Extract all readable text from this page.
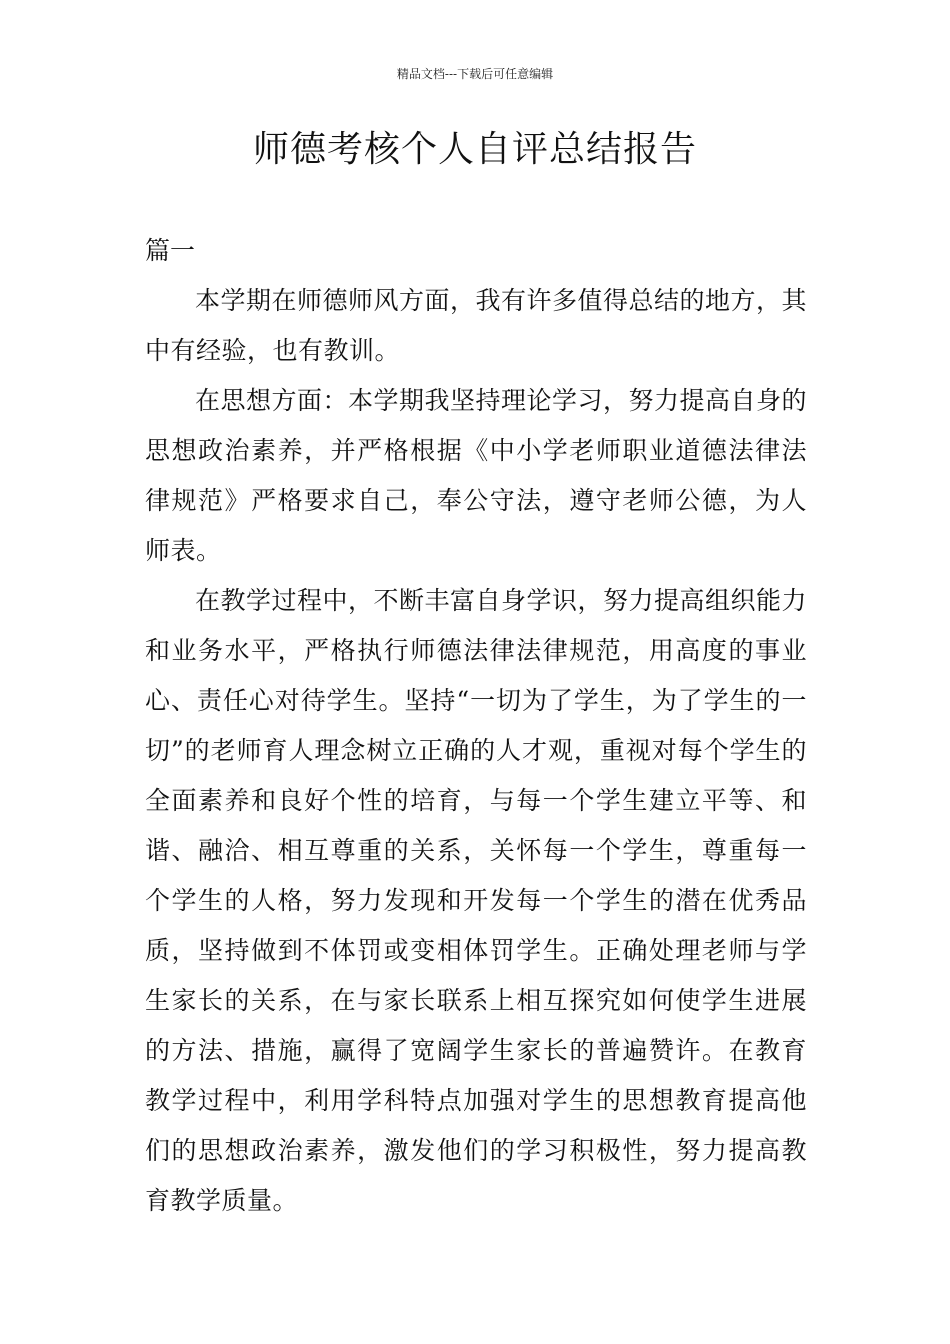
精品文档---下载后可任意编辑
师德考核个人自评总结报告

篇一

本学期在师德师风方面，我有许多值得总结的地方，其中有经验，也有教训。

在思想方面：本学期我坚持理论学习，努力提高自身的思想政治素养，并严格根据《中小学老师职业道德法律法律规范》严格要求自己，奉公守法，遵守老师公德，为人师表。

在教学过程中，不断丰富自身学识，努力提高组织能力和业务水平，严格执行师德法律法律规范，用高度的事业心、责任心对待学生。坚持“一切为了学生，为了学生的一切”的老师育人理念树立正确的人才观，重视对每个学生的全面素养和良好个性的培育，与每一个学生建立平等、和谐、融洽、相互尊重的关系，关怀每一个学生，尊重每一个学生的人格，努力发现和开发每一个学生的潜在优秀品质，坚持做到不体罚或变相体罚学生。正确处理老师与学生家长的关系，在与家长联系上相互探究如何使学生进展的方法、措施，赢得了宽阔学生家长的普遍赞许。在教育教学过程中，利用学科特点加强对学生的思想教育提高他们的思想政治素养，激发他们的学习积极性，努力提高教育教学质量。
